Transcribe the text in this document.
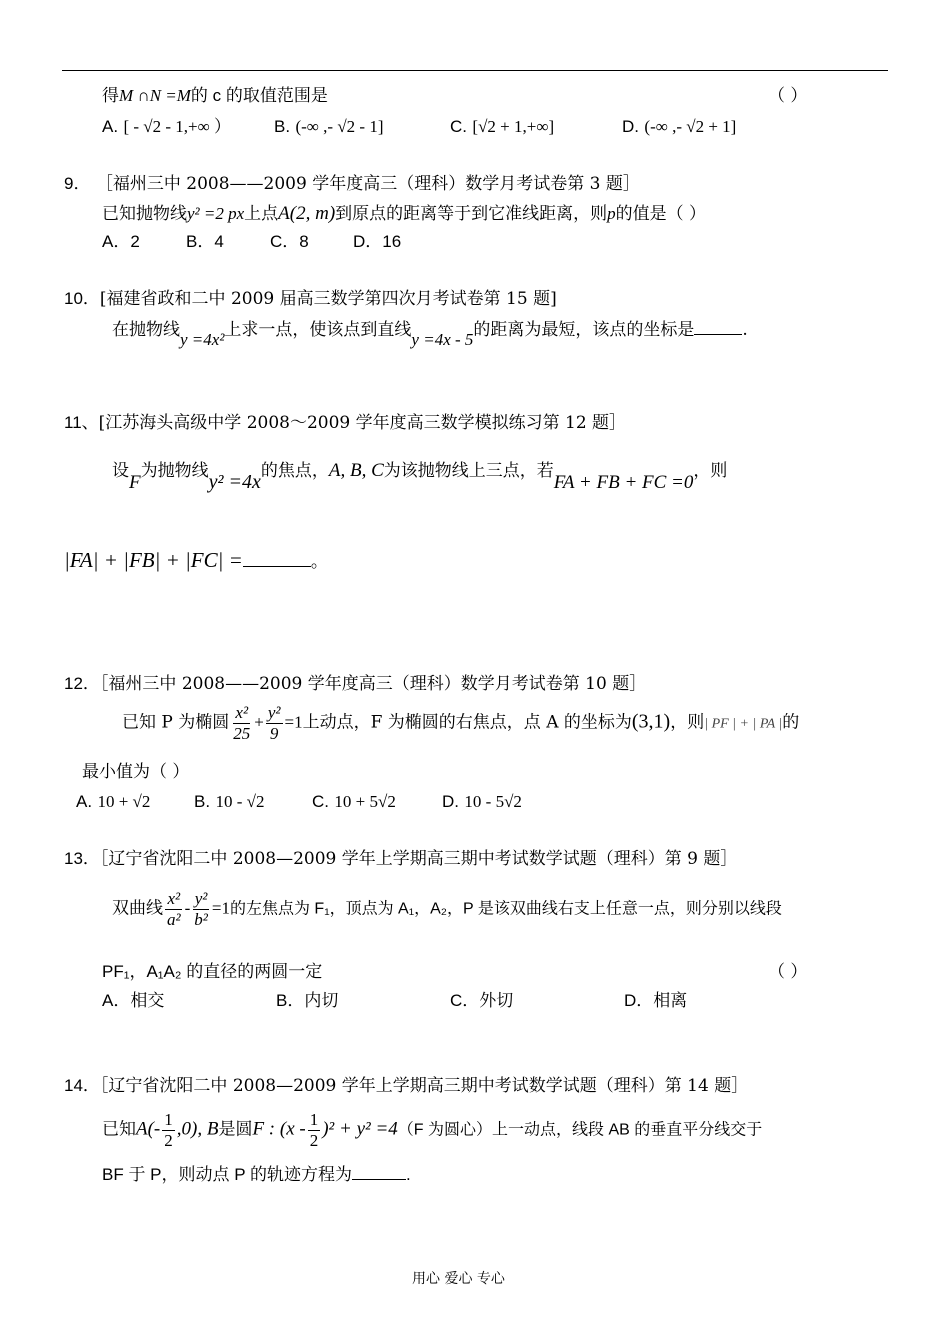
得M ∩N =M的 c 的取值范围是	（ ）
A. [ - √2 - 1,+∞ ）	B. (-∞ ,- √2 - 1]	C. [√2 + 1,+∞]	D. (-∞ ,- √2 + 1]
9． ［福州三中 2008——2009 学年度高三（理科）数学月考试卷第 3 题］
已知抛物线y² =2 px上点A(2, m)到原点的距离等于到它准线距离，则p的值是（ ）
A．2	B．4	C．8	D．16
10．[福建省政和二中 2009 届高三数学第四次月考试卷第 15 题]
在抛物线y =4x²上求一点，使该点到直线y =4x - 5的距离为最短，该点的坐标是	.
11、[江苏海头高级中学 2008～2009 学年度高三数学模拟练习第 12 题］
设F为抛物线y² =4x的焦点，A, B, C为该抛物线上三点，若FA + FB + FC =0，则
|FA| + |FB| + |FC| =	。
12．［福州三中 2008——2009 学年度高三（理科）数学月考试卷第 10 题］
已知 P 为椭圆 $\frac{\text{x²}}{25} + \frac{\text{y²}}{9} =1$上动点，F 为椭圆的右焦点，点 A 的坐标为(3,1)，则| PF | + | PA |的
最小值为（ ）
A. 10 + √2	B. 10 - √2	C. 10 + 5√2	D. 10 - 5√2
13．［辽宁省沈阳二中 2008—2009 学年上学期高三期中考试数学试题（理科）第 9 题］
双曲线 $\frac{\text{x²}}{\text{a²}} - \frac{\text{y²}}{\text{b²}} =1$的左焦点为 F₁，顶点为 A₁，A₂，P 是该双曲线右支上任意一点，则分别以线段
PF₁，A₁A₂ 的直径的两圆一定	（ ）
A．相交	B．内切	C．外切	D．相离
14．［辽宁省沈阳二中 2008—2009 学年上学期高三期中考试数学试题（理科）第 14 题］
已知$A(- \frac{1}{2} ,0)$, B是圆F : $(x - \frac{1}{2} )^2 + y^2 =4(F$ 为圆心）上一动点，线段 AB 的垂直平分线交于
BF 于 P，则动点 P 的轨迹方程为	.
用心 爱心 专心
